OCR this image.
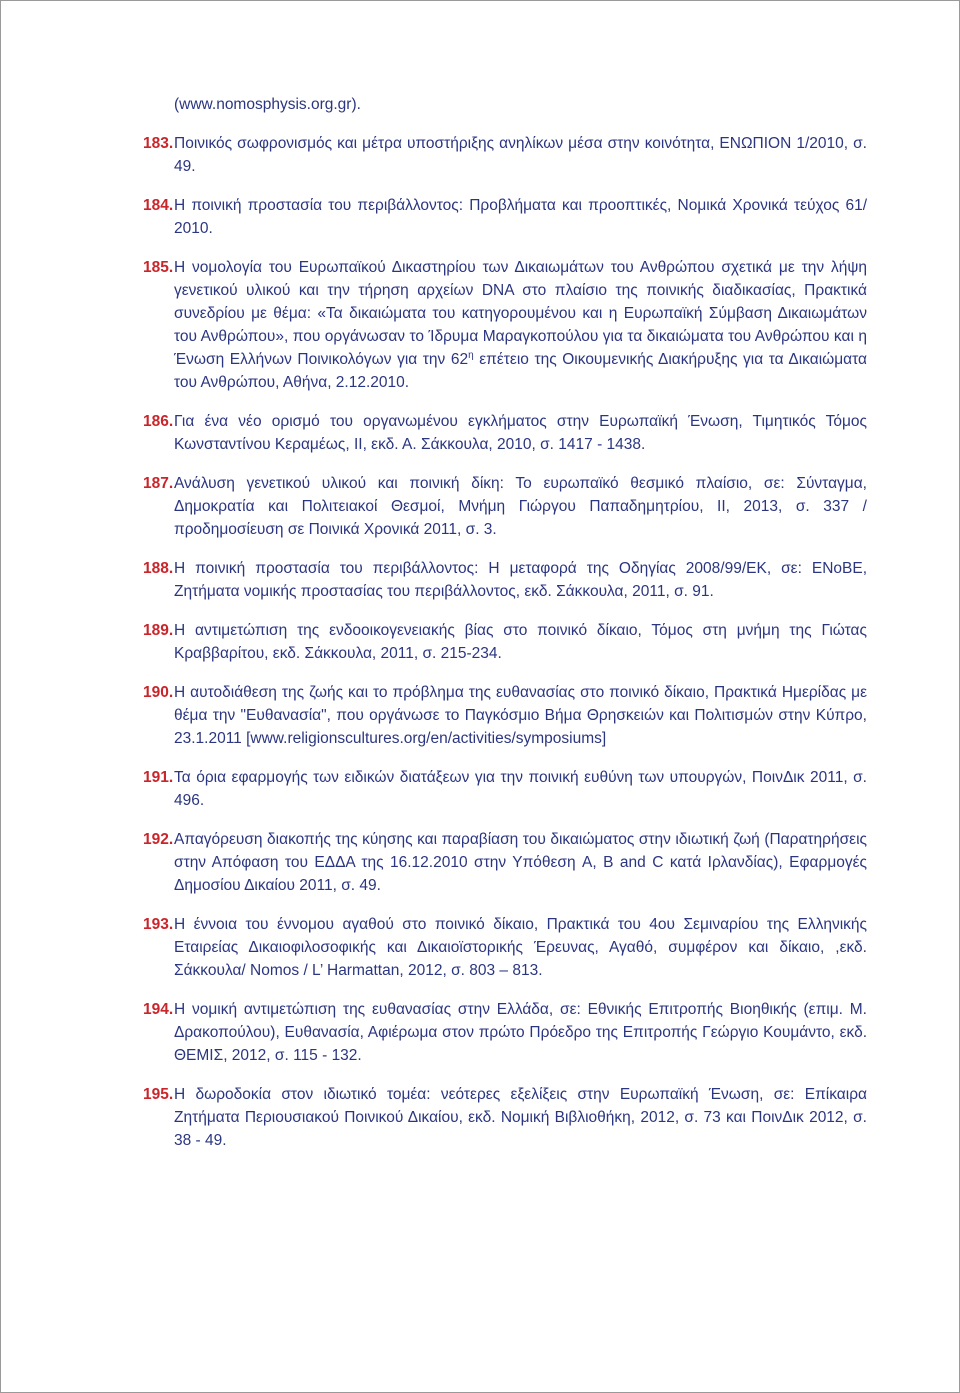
(www.nomosphysis.org.gr).
183. Ποινικός σωφρονισμός και μέτρα υποστήριξης ανηλίκων μέσα στην κοινότητα, ΕΝΩΠΙΟΝ 1/2010, σ. 49.
184. Η ποινική προστασία του περιβάλλοντος: Προβλήματα και προοπτικές, Νομικά Χρονικά τεύχος 61/ 2010.
185. Η νομολογία του Ευρωπαϊκού Δικαστηρίου των Δικαιωμάτων του Ανθρώπου σχετικά με την λήψη γενετικού υλικού και την τήρηση αρχείων DNA στο πλαίσιο της ποινικής διαδικασίας, Πρακτικά συνεδρίου με θέμα: «Τα δικαιώματα του κατηγορουμένου και η Ευρωπαϊκή Σύμβαση Δικαιωμάτων του Ανθρώπου», που οργάνωσαν το Ίδρυμα Μαραγκοπούλου για τα δικαιώματα του Ανθρώπου και η Ένωση Ελλήνων Ποινικολόγων για την $62^\eta$ επέτειο της Οικουμενικής Διακήρυξης για τα Δικαιώματα του Ανθρώπου, Αθήνα, 2.12.2010.
186. Για ένα νέο ορισμό του οργανωμένου εγκλήματος στην Ευρωπαϊκή Ένωση, Τιμητικός Τόμος Κωνσταντίνου Κεραμέως, ΙΙ, εκδ. Α. Σάκκουλα, 2010, σ. 1417 - 1438.
187. Ανάλυση γενετικού υλικού και ποινική δίκη: Το ευρωπαϊκό θεσμικό πλαίσιο, σε: Σύνταγμα, Δημοκρατία και Πολιτειακοί Θεσμοί, Μνήμη Γιώργου Παπαδημητρίου, ΙΙ, 2013, σ. 337 / προδημοσίευση σε Ποινικά Χρονικά 2011, σ. 3.
188. Η ποινική προστασία του περιβάλλοντος: Η μεταφορά της Οδηγίας 2008/99/ΕΚ, σε: ΕΝοΒΕ, Ζητήματα νομικής προστασίας του περιβάλλοντος, εκδ. Σάκκουλα, 2011, σ. 91.
189. Η αντιμετώπιση της ενδοοικογενειακής βίας στο ποινικό δίκαιο, Τόμος στη μνήμη της Γιώτας Κραββαρίτου, εκδ. Σάκκουλα, 2011, σ. 215-234.
190. Η αυτοδιάθεση της ζωής και το πρόβλημα της ευθανασίας στο ποινικό δίκαιο, Πρακτικά Ημερίδας με θέμα την "Ευθανασία", που οργάνωσε το Παγκόσμιο Βήμα Θρησκειών και Πολιτισμών στην Κύπρο, 23.1.2011 [www.religionscultures.org/en/activities/symposiums]
191. Τα όρια εφαρμογής των ειδικών διατάξεων για την ποινική ευθύνη των υπουργών, ΠοινΔικ 2011, σ. 496.
192. Απαγόρευση διακοπής της κύησης και παραβίαση του δικαιώματος στην ιδιωτική ζωή (Παρατηρήσεις στην Απόφαση του ΕΔΔΑ της 16.12.2010 στην Υπόθεση A, B and C κατά Ιρλανδίας), Εφαρμογές Δημοσίου Δικαίου 2011, σ. 49.
193. Η έννοια του έννομου αγαθού στο ποινικό δίκαιο, Πρακτικά του 4ου Σεμιναρίου της Ελληνικής Εταιρείας Δικαιοφιλοσοφικής και Δικαιοϊστορικής Έρευνας, Αγαθό, συμφέρον και δίκαιο, ,εκδ. Σάκκουλα/ Nomos / L’ Harmattan, 2012, σ. 803 – 813.
194. Η νομική αντιμετώπιση της ευθανασίας στην Ελλάδα, σε: Εθνικής Επιτροπής Βιοηθικής (επιμ. Μ. Δρακοπούλου), Ευθανασία, Αφιέρωμα στον πρώτο Πρόεδρο της Επιτροπής Γεώργιο Κουμάντο, εκδ. ΘΕΜΙΣ, 2012, σ. 115 - 132.
195. Η δωροδοκία στον ιδιωτικό τομέα: νεότερες εξελίξεις στην Ευρωπαϊκή Ένωση, σε: Επίκαιρα Ζητήματα Περιουσιακού Ποινικού Δικαίου, εκδ. Νομική Βιβλιοθήκη, 2012, σ. 73 και ΠοινΔικ 2012, σ. 38 - 49.
